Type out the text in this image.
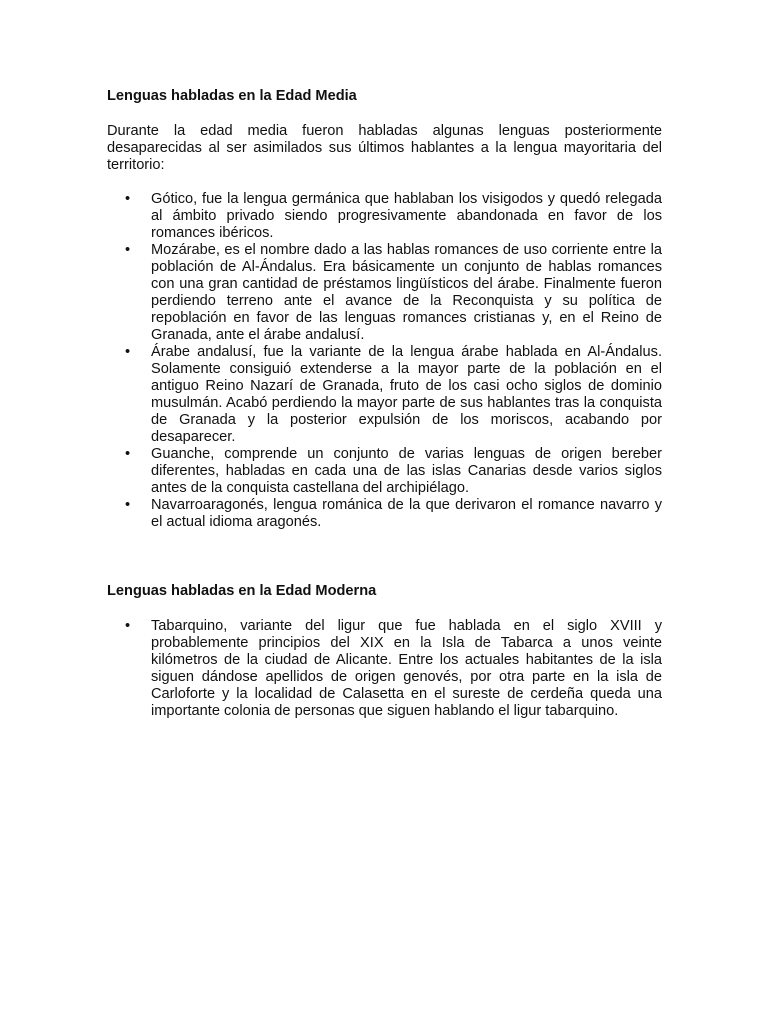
Lenguas habladas en la Edad Media

Durante la edad media fueron habladas algunas lenguas posteriormente desaparecidas al ser asimilados sus últimos hablantes a la lengua mayoritaria del territorio:

• Gótico, fue la lengua germánica que hablaban los visigodos y quedó relegada al ámbito privado siendo progresivamente abandonada en favor de los romances ibéricos.
• Mozárabe, es el nombre dado a las hablas romances de uso corriente entre la población de Al-Ándalus. Era básicamente un conjunto de hablas romances con una gran cantidad de préstamos lingüísticos del árabe. Finalmente fueron perdiendo terreno ante el avance de la Reconquista y su política de repoblación en favor de las lenguas romances cristianas y, en el Reino de Granada, ante el árabe andalusí.
• Árabe andalusí, fue la variante de la lengua árabe hablada en Al-Ándalus. Solamente consiguió extenderse a la mayor parte de la población en el antiguo Reino Nazarí de Granada, fruto de los casi ocho siglos de dominio musulmán. Acabó perdiendo la mayor parte de sus hablantes tras la conquista de Granada y la posterior expulsión de los moriscos, acabando por desaparecer.
• Guanche, comprende un conjunto de varias lenguas de origen bereber diferentes, habladas en cada una de las islas Canarias desde varios siglos antes de la conquista castellana del archipiélago.
• Navarroaragonés, lengua románica de la que derivaron el romance navarro y el actual idioma aragonés.

Lenguas habladas en la Edad Moderna

• Tabarquino, variante del ligur que fue hablada en el siglo XVIII y probablemente principios del XIX en la Isla de Tabarca a unos veinte kilómetros de la ciudad de Alicante. Entre los actuales habitantes de la isla siguen dándose apellidos de origen genovés, por otra parte en la isla de Carloforte y la localidad de Calasetta en el sureste de cerdeña queda una importante colonia de personas que siguen hablando el ligur tabarquino.
